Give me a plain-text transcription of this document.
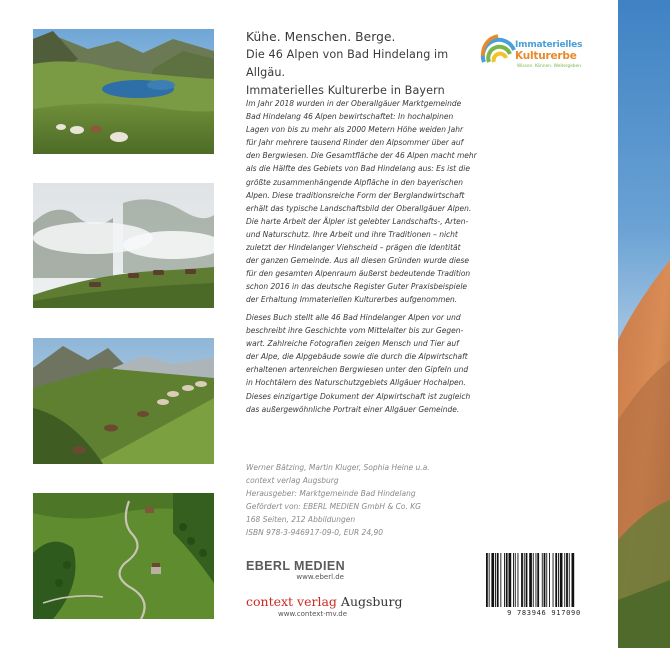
Kühe. Menschen. Berge.
Die 46 Alpen von Bad Hindelang im Allgäu.
Immaterielles Kulturerbe in Bayern
Immaterielles
Kulturerbe
Wissen. Können. Weitergeben.

Im Jahr 2018 wurden in der Oberallgäuer Marktgemeinde
Bad Hindelang 46 Alpen bewirtschaftet: In hochalpinen
Lagen von bis zu mehr als 2000 Metern Höhe weiden Jahr
für Jahr mehrere tausend Rinder den Alpsommer über auf
den Bergwiesen. Die Gesamtfläche der 46 Alpen macht mehr
als die Hälfte des Gebiets von Bad Hindelang aus: Es ist die
größte zusammenhängende Alpfläche in den bayerischen
Alpen. Diese traditionsreiche Form der Berglandwirtschaft
erhält das typische Landschaftsbild der Oberallgäuer Alpen.
Die harte Arbeit der Älpler ist gelebter Landschafts-, Arten-
und Naturschutz. Ihre Arbeit und ihre Traditionen – nicht
zuletzt der Hindelanger Viehscheid – prägen die Identität
der ganzen Gemeinde. Aus all diesen Gründen wurde diese
für den gesamten Alpenraum äußerst bedeutende Tradition
schon 2016 in das deutsche Register Guter Praxisbeispiele
der Erhaltung Immateriellen Kulturerbes aufgenommen.

Dieses Buch stellt alle 46 Bad Hindelanger Alpen vor und
beschreibt ihre Geschichte vom Mittelalter bis zur Gegen-
wart. Zahlreiche Fotografien zeigen Mensch und Tier auf
der Alpe, die Alpgebäude sowie die durch die Alpwirtschaft
erhaltenen artenreichen Bergwiesen unter den Gipfeln und
in Hochtälern des Naturschutzgebiets Allgäuer Hochalpen.
Dieses einzigartige Dokument der Alpwirtschaft ist zugleich
das außergewöhnliche Portrait einer Allgäuer Gemeinde.

Werner Bätzing, Martin Kluger, Sophia Heine u.a.
context verlag Augsburg
Herausgeber: Marktgemeinde Bad Hindelang
Gefördert von: EBERL MEDIEN GmbH & Co. KG
168 Seiten, 212 Abbildungen
ISBN 978-3-946917-09-0, EUR 24,90
EBERL MEDIEN
www.eberl.de
context verlag Augsburg
www.context-mv.de	9 783946 917090
